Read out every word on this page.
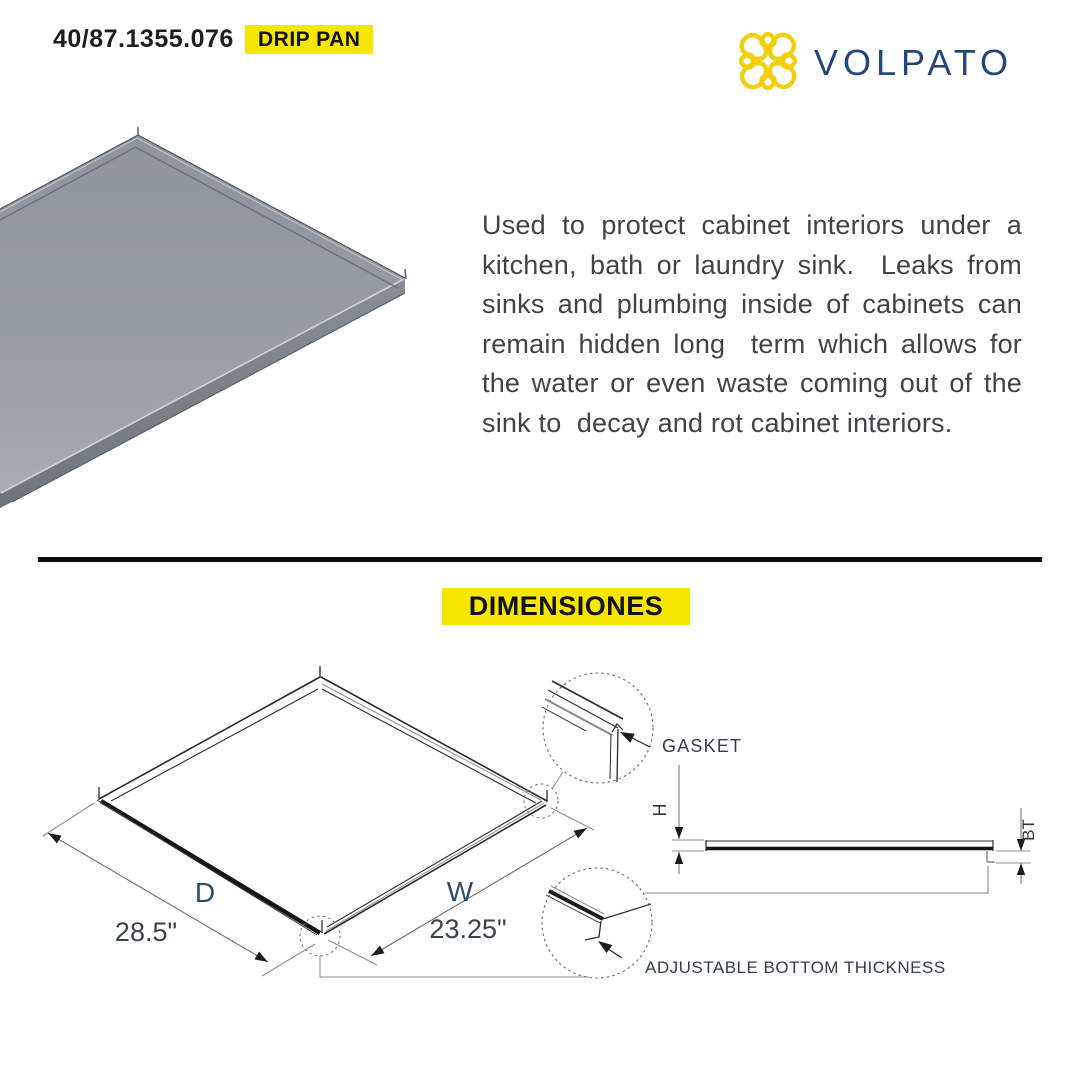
40/87.1355.076	DRIP PAN
VOLPATO

Used to protect cabinet interiors under a kitchen, bath or laundry sink.  Leaks from sinks and plumbing inside of cabinets can remain hidden long  term which allows for the water or even waste coming out of the sink to  decay and rot cabinet interiors.

DIMENSIONES
D
28.5"
W
23.25"
GASKET
ADJUSTABLE BOTTOM THICKNESS
H
BT
